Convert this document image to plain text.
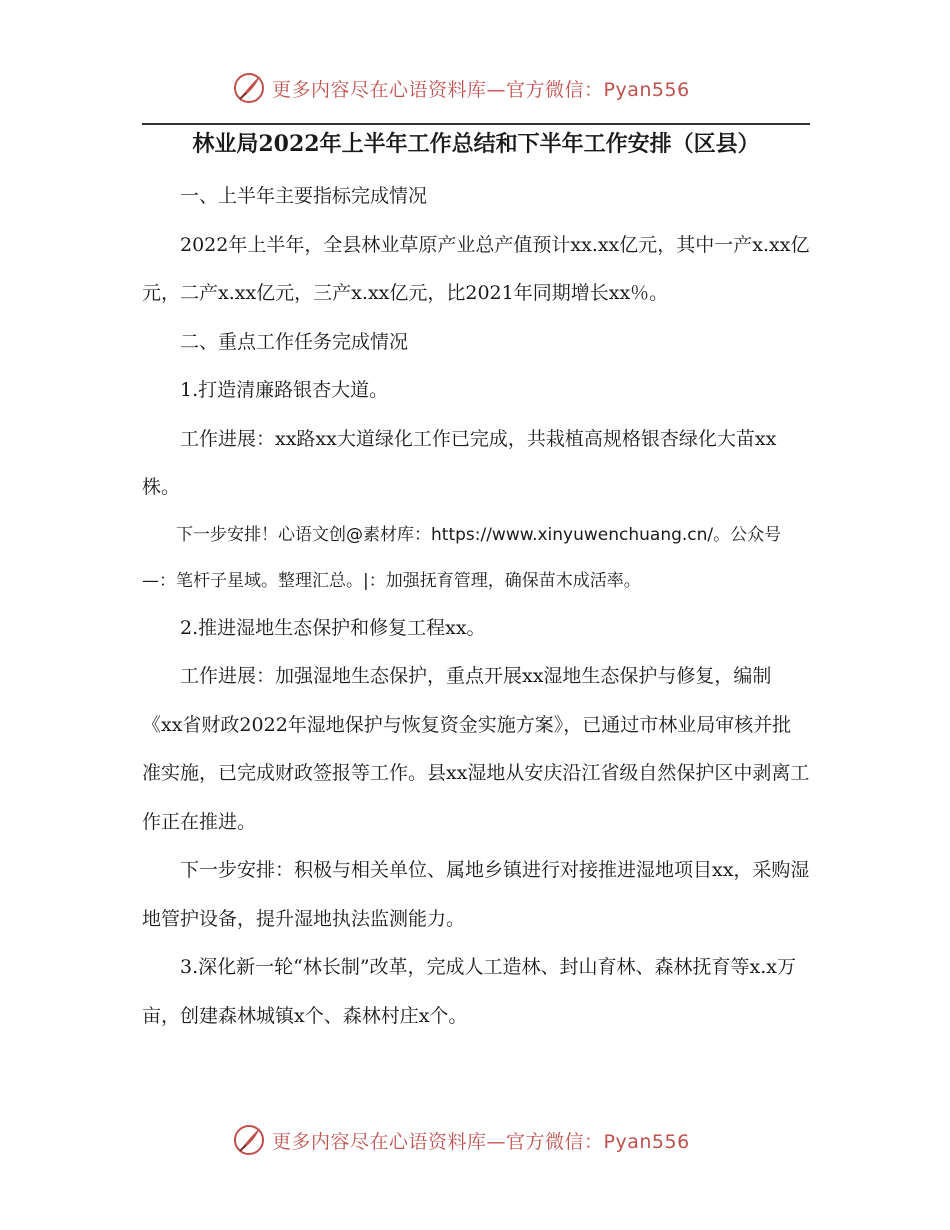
更多内容尽在心语资料库—官方微信：Pyan556
林业局2022年上半年工作总结和下半年工作安排（区县）

一、上半年主要指标完成情况

2022年上半年，全县林业草原产业总产值预计xx.xx亿元，其中一产x.xx亿元，二产x.xx亿元，三产x.xx亿元，比2021年同期增长xx％。

二、重点工作任务完成情况

1.打造清廉路银杏大道。

工作进展：xx路xx大道绿化工作已完成，共栽植高规格银杏绿化大苗xx株。

下一步安排！心语文创@素材库：https://www.xinyuwenchuang.cn/。公众号—：笔杆子星域。整理汇总。|：加强抚育管理，确保苗木成活率。

2.推进湿地生态保护和修复工程xx。

工作进展：加强湿地生态保护，重点开展xx湿地生态保护与修复，编制《xx省财政2022年湿地保护与恢复资金实施方案》，已通过市林业局审核并批准实施，已完成财政签报等工作。县xx湿地从安庆沿江省级自然保护区中剥离工作正在推进。

下一步安排：积极与相关单位、属地乡镇进行对接推进湿地项目xx，采购湿地管护设备，提升湿地执法监测能力。

3.深化新一轮“林长制”改革，完成人工造林、封山育林、森林抚育等x.x万亩，创建森林城镇x个、森林村庄x个。

更多内容尽在心语资料库—官方微信：Pyan556
